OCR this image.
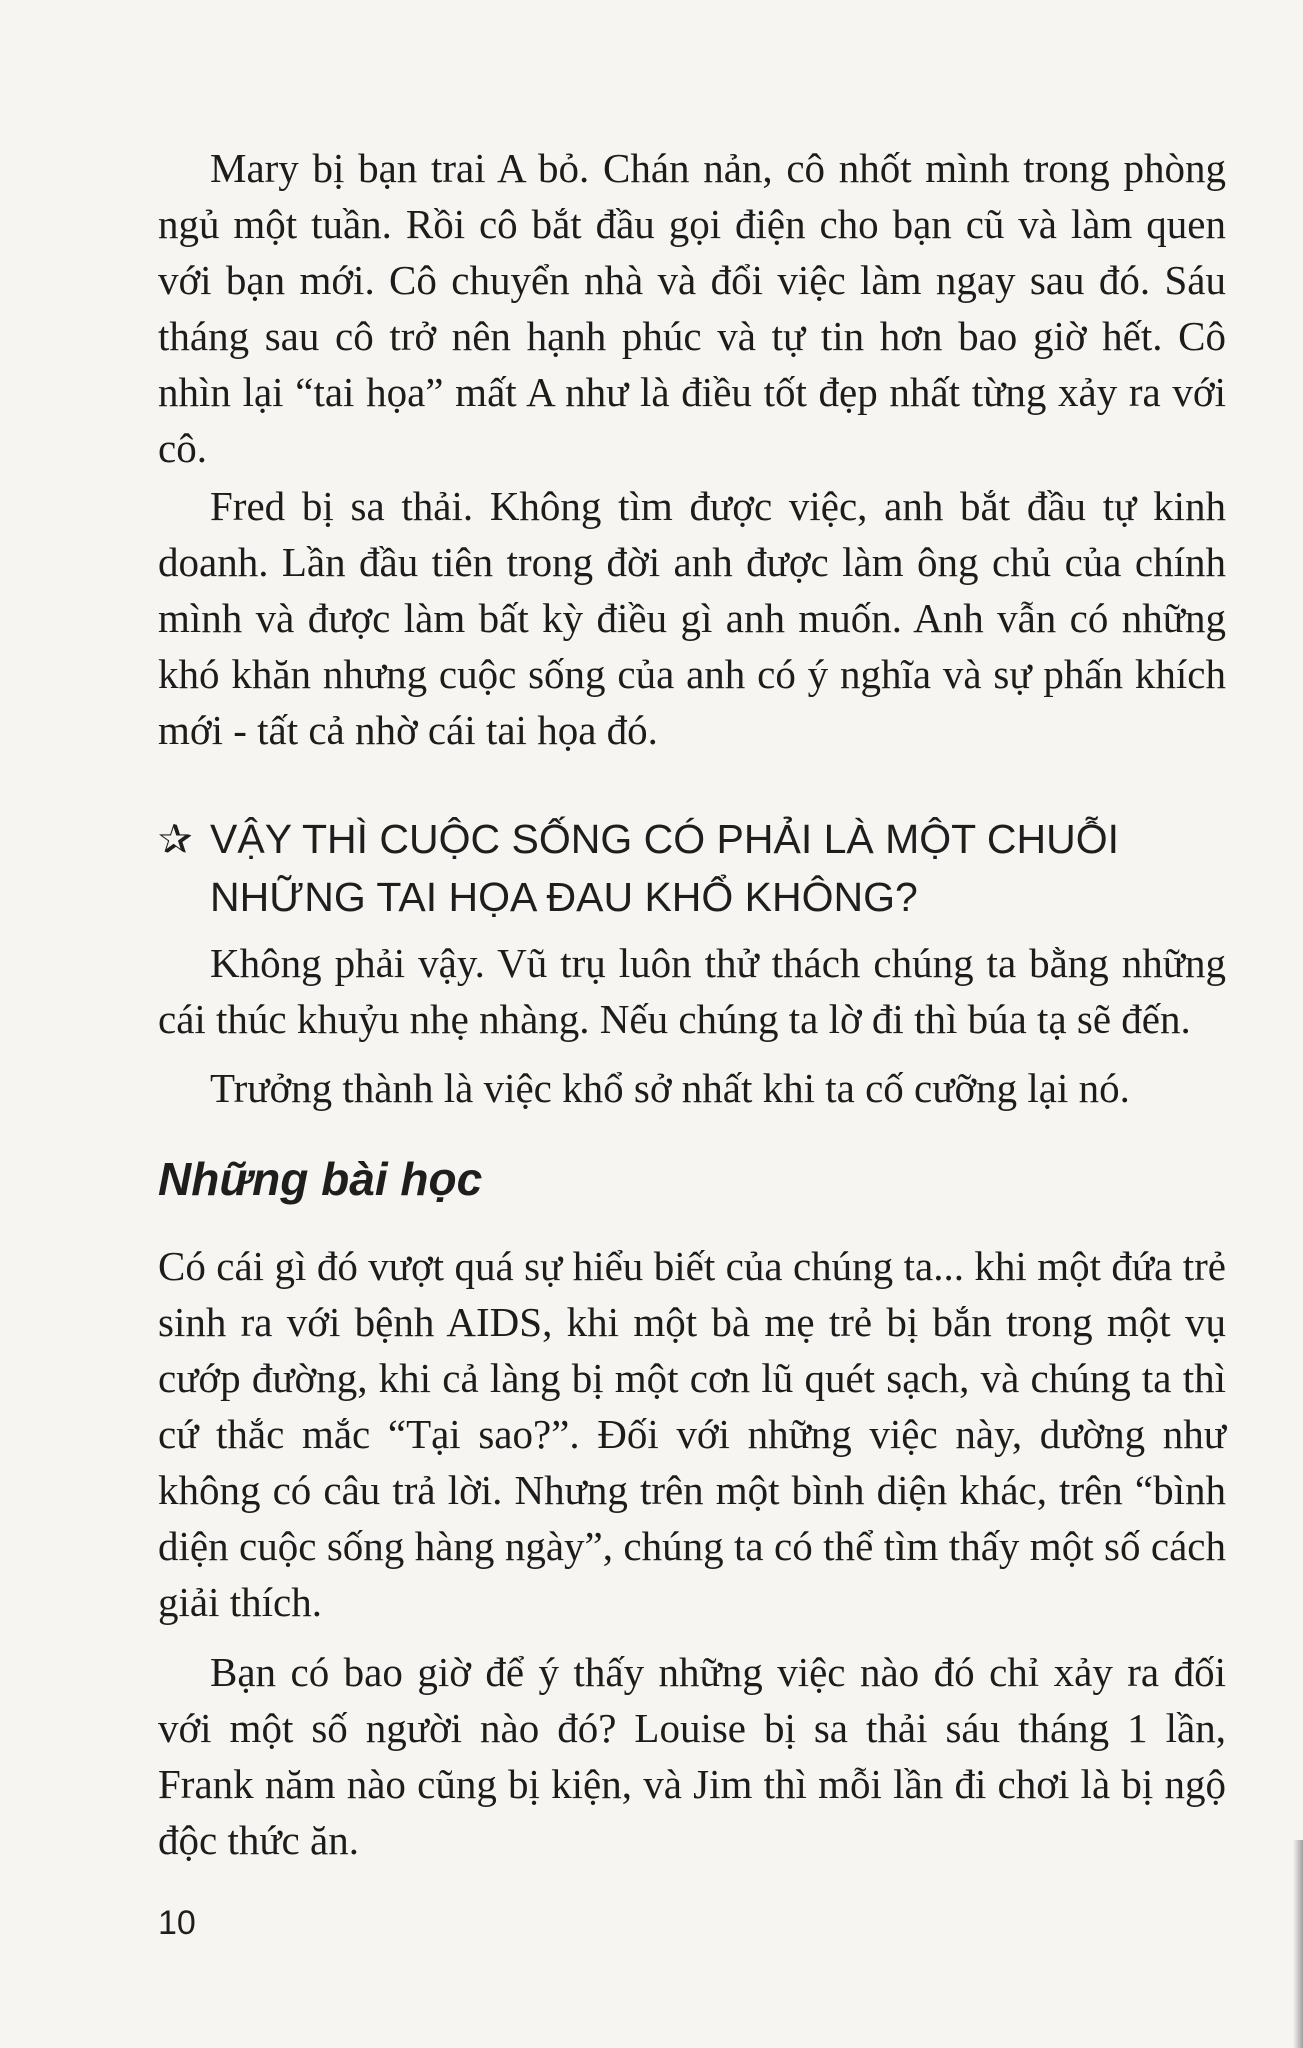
Mary bị bạn trai A bỏ. Chán nản, cô nhốt mình trong phòng ngủ một tuần. Rồi cô bắt đầu gọi điện cho bạn cũ và làm quen với bạn mới. Cô chuyển nhà và đổi việc làm ngay sau đó. Sáu tháng sau cô trở nên hạnh phúc và tự tin hơn bao giờ hết. Cô nhìn lại “tai họa” mất A như là điều tốt đẹp nhất từng xảy ra với cô.

Fred bị sa thải. Không tìm được việc, anh bắt đầu tự kinh doanh. Lần đầu tiên trong đời anh được làm ông chủ của chính mình và được làm bất kỳ điều gì anh muốn. Anh vẫn có những khó khăn nhưng cuộc sống của anh có ý nghĩa và sự phấn khích mới - tất cả nhờ cái tai họa đó.

✰ VẬY THÌ CUỘC SỐNG CÓ PHẢI LÀ MỘT CHUỖI
NHỮNG TAI HỌA ĐAU KHỔ KHÔNG?

Không phải vậy. Vũ trụ luôn thử thách chúng ta bằng những cái thúc khuỷu nhẹ nhàng. Nếu chúng ta lờ đi thì búa tạ sẽ đến.

Trưởng thành là việc khổ sở nhất khi ta cố cưỡng lại nó.

Những bài học

Có cái gì đó vượt quá sự hiểu biết của chúng ta... khi một đứa trẻ sinh ra với bệnh AIDS, khi một bà mẹ trẻ bị bắn trong một vụ cướp đường, khi cả làng bị một cơn lũ quét sạch, và chúng ta thì cứ thắc mắc “Tại sao?”. Đối với những việc này, dường như không có câu trả lời. Nhưng trên một bình diện khác, trên “bình diện cuộc sống hàng ngày”, chúng ta có thể tìm thấy một số cách giải thích.

Bạn có bao giờ để ý thấy những việc nào đó chỉ xảy ra đối với một số người nào đó? Louise bị sa thải sáu tháng 1 lần, Frank năm nào cũng bị kiện, và Jim thì mỗi lần đi chơi là bị ngộ độc thức ăn.

10
